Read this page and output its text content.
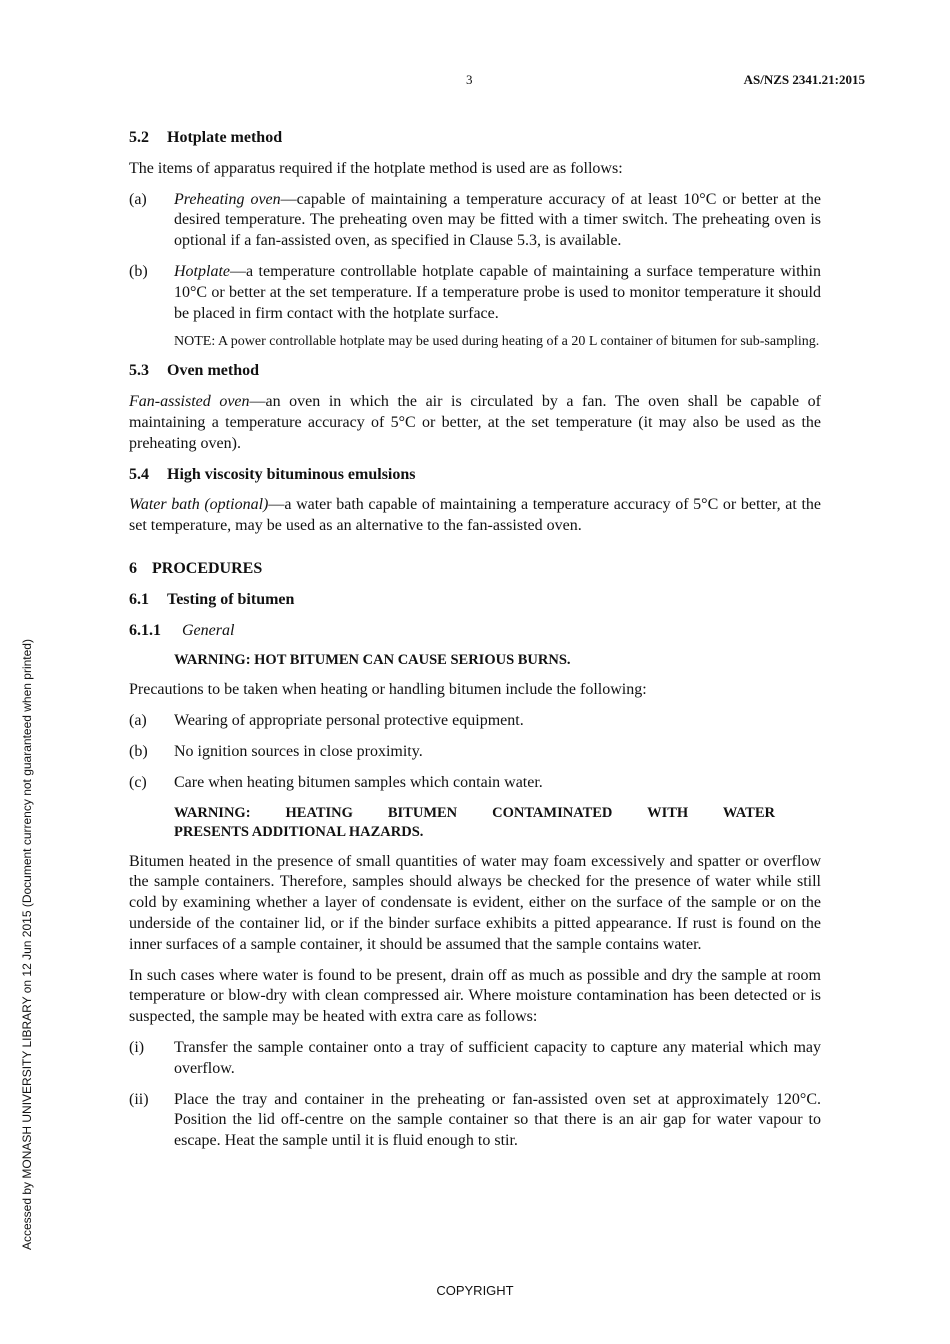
3	AS/NZS 2341.21:2015
Accessed by MONASH UNIVERSITY LIBRARY on 12 Jun 2015 (Document currency not guaranteed when printed)
5.2 Hotplate method

The items of apparatus required if the hotplate method is used are as follows:

(a) Preheating oven—capable of maintaining a temperature accuracy of at least 10°C or better at the desired temperature. The preheating oven may be fitted with a timer switch. The preheating oven is optional if a fan-assisted oven, as specified in Clause 5.3, is available.
(b) Hotplate—a temperature controllable hotplate capable of maintaining a surface temperature within 10°C or better at the set temperature. If a temperature probe is used to monitor temperature it should be placed in firm contact with the hotplate surface.

NOTE: A power controllable hotplate may be used during heating of a 20 L container of bitumen for sub-sampling.

5.3 Oven method

Fan-assisted oven—an oven in which the air is circulated by a fan. The oven shall be capable of maintaining a temperature accuracy of 5°C or better, at the set temperature (it may also be used as the preheating oven).

5.4 High viscosity bituminous emulsions

Water bath (optional)—a water bath capable of maintaining a temperature accuracy of 5°C or better, at the set temperature, may be used as an alternative to the fan-assisted oven.

6 PROCEDURES
6.1 Testing of bitumen

6.1.1 General

WARNING: HOT BITUMEN CAN CAUSE SERIOUS BURNS.

Precautions to be taken when heating or handling bitumen include the following:

(a) Wearing of appropriate personal protective equipment.
(b) No ignition sources in close proximity.
(c) Care when heating bitumen samples which contain water.
WARNING: HEATING BITUMEN CONTAMINATED WITH WATER
PRESENTS ADDITIONAL HAZARDS.

Bitumen heated in the presence of small quantities of water may foam excessively and spatter or overflow the sample containers. Therefore, samples should always be checked for the presence of water while still cold by examining whether a layer of condensate is evident, either on the surface of the sample or on the underside of the container lid, or if the binder surface exhibits a pitted appearance. If rust is found on the inner surfaces of a sample container, it should be assumed that the sample contains water.

In such cases where water is found to be present, drain off as much as possible and dry the sample at room temperature or blow-dry with clean compressed air. Where moisture contamination has been detected or is suspected, the sample may be heated with extra care as follows:

(i) Transfer the sample container onto a tray of sufficient capacity to capture any material which may overflow.
(ii) Place the tray and container in the preheating or fan-assisted oven set at approximately 120°C. Position the lid off-centre on the sample container so that there is an air gap for water vapour to escape. Heat the sample until it is fluid enough to stir.
COPYRIGHT
